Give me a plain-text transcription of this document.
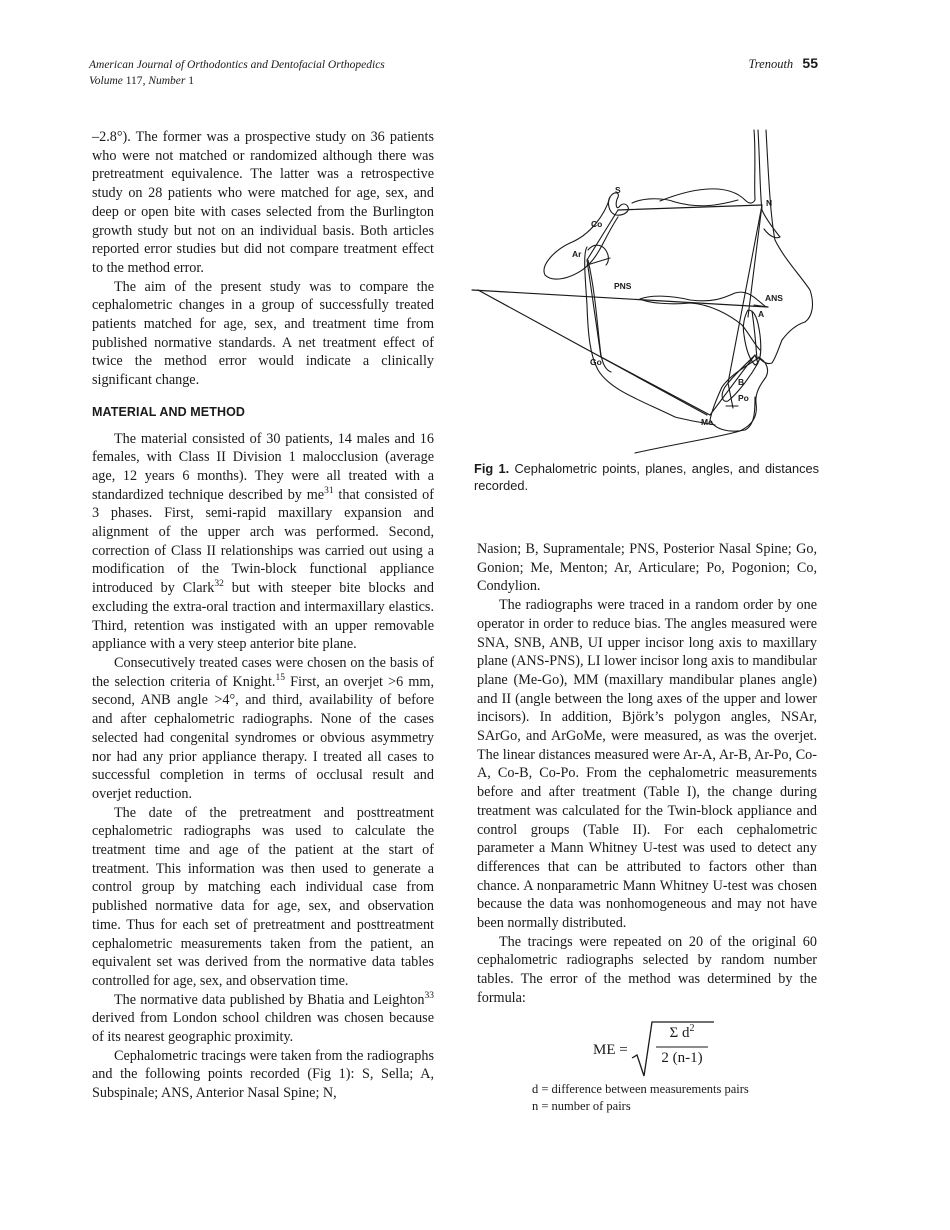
American Journal of Orthodontics and Dentofacial Orthopedics
Volume 117, Number 1
Trenouth 55

–2.8°). The former was a prospective study on 36 patients who were not matched or randomized although there was pretreatment equivalence. The latter was a retrospective study on 28 patients who were matched for age, sex, and deep or open bite with cases selected from the Burlington growth study but not on an individual basis. Both articles reported error studies but did not compare treatment effect to the method error.

The aim of the present study was to compare the cephalometric changes in a group of successfully treated patients matched for age, sex, and treatment time from published normative standards. A net treatment effect of twice the method error would indicate a clinically significant change.

MATERIAL AND METHOD

The material consisted of 30 patients, 14 males and 16 females, with Class II Division 1 malocclusion (average age, 12 years 6 months). They were all treated with a standardized technique described by $me^{31}$ that consisted of 3 phases. First, semi-rapid maxillary expansion and alignment of the upper arch was performed. Second, correction of Class II relationships was carried out using a modification of the Twin-block functional appliance introduced by Clark$^{32}$ but with steeper bite blocks and excluding the extra-oral traction and intermaxillary elastics. Third, retention was instigated with an upper removable appliance with a very steep anterior bite plane.

Consecutively treated cases were chosen on the basis of the selection criteria of Knight.$^{15}$ First, an overjet >6 mm, second, ANB angle >4°, and third, availability of before and after cephalometric radiographs. None of the cases selected had congenital syndromes or obvious asymmetry nor had any prior appliance therapy. I treated all cases to successful completion in terms of occlusal result and overjet reduction.

The date of the pretreatment and posttreatment cephalometric radiographs was used to calculate the treatment time and age of the patient at the start of treatment. This information was then used to generate a control group by matching each individual case from published normative data for age, sex, and observation time. Thus for each set of pretreatment and posttreatment cephalometric measurements taken from the patient, an equivalent set was derived from the normative data tables controlled for age, sex, and observation time.

The normative data published by Bhatia and Leighton$^{33}$ derived from London school children was chosen because of its nearest geographic proximity.

Cephalometric tracings were taken from the radiographs and the following points recorded (Fig 1): S, Sella; A, Subspinale; ANS, Anterior Nasal Spine; N,

S
N
Co
Ar
PNS
ANS
A
Go
B
Po
Me
Fig 1. Cephalometric points, planes, angles, and distances recorded.

Nasion; B, Supramentale; PNS, Posterior Nasal Spine; Go, Gonion; Me, Menton; Ar, Articulare; Po, Pogonion; Co, Condylion.

The radiographs were traced in a random order by one operator in order to reduce bias. The angles measured were SNA, SNB, ANB, UI upper incisor long axis to maxillary plane (ANS-PNS), LI lower incisor long axis to mandibular plane (Me-Go), MM (maxillary mandibular planes angle) and II (angle between the long axes of the upper and lower incisors). In addition, Björk’s polygon angles, NSAr, SArGo, and ArGoMe, were measured, as was the overjet. The linear distances measured were Ar-A, Ar-B, Ar-Po, Co-A, Co-B, Co-Po. From the cephalometric measurements before and after treatment (Table I), the change during treatment was calculated for the Twin-block appliance and control groups (Table II). For each cephalometric parameter a Mann Whitney U-test was used to detect any differences that can be attributed to factors other than chance. A nonparametric Mann Whitney U-test was chosen because the data was nonhomogeneous and may not have been normally distributed.

The tracings were repeated on 20 of the original 60 cephalometric radiographs selected by random number tables. The error of the method was determined by the formula:

ME =
Σ $d^2$
2 (n-1)
d = difference between measurements pairs
n = number of pairs
